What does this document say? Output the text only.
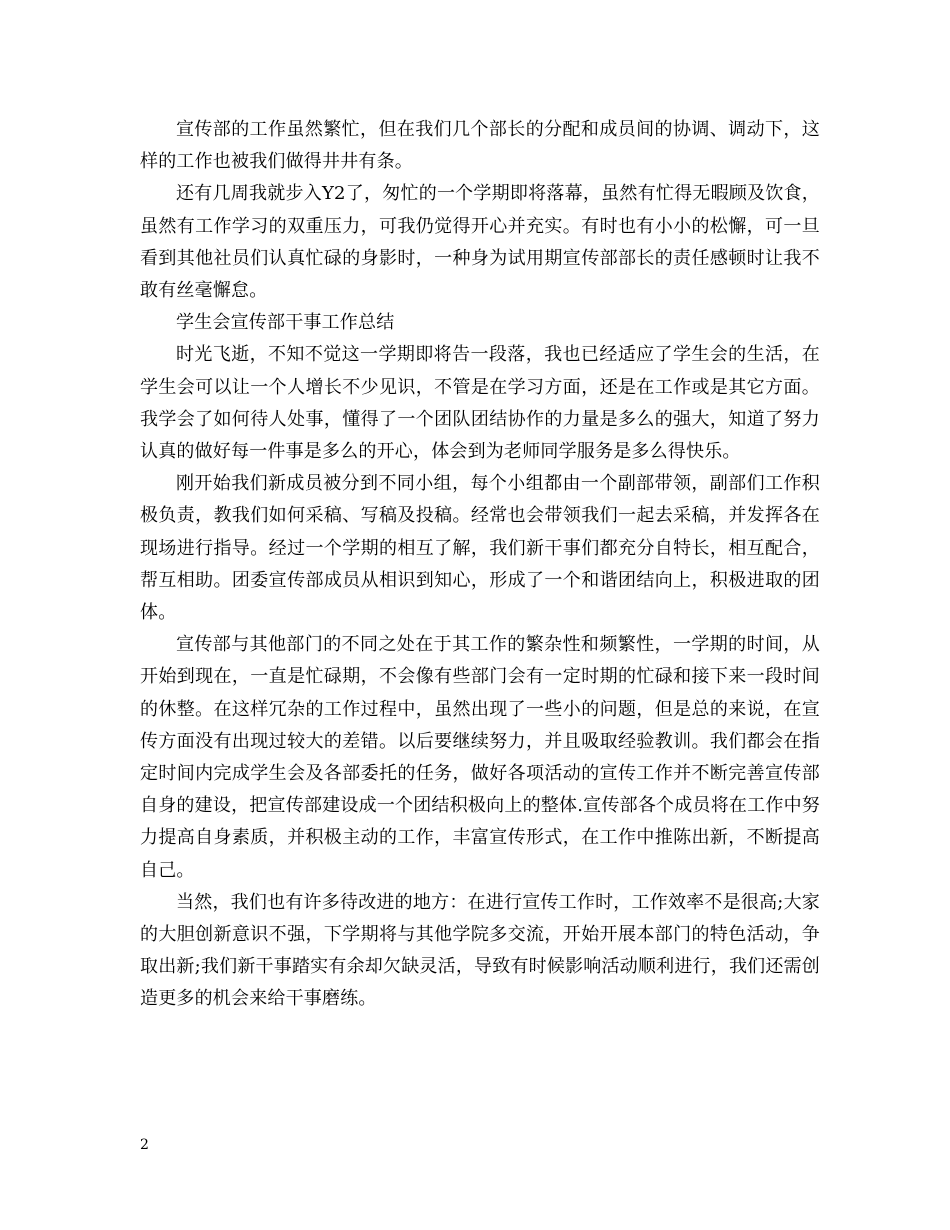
宣传部的工作虽然繁忙，但在我们几个部长的分配和成员间的协调、调动下，这样的工作也被我们做得井井有条。

还有几周我就步入Y2了，匆忙的一个学期即将落幕，虽然有忙得无暇顾及饮食，虽然有工作学习的双重压力，可我仍觉得开心并充实。有时也有小小的松懈，可一旦看到其他社员们认真忙碌的身影时，一种身为试用期宣传部部长的责任感顿时让我不敢有丝毫懈怠。

学生会宣传部干事工作总结

时光飞逝，不知不觉这一学期即将告一段落，我也已经适应了学生会的生活，在学生会可以让一个人增长不少见识，不管是在学习方面，还是在工作或是其它方面。我学会了如何待人处事，懂得了一个团队团结协作的力量是多么的强大，知道了努力认真的做好每一件事是多么的开心，体会到为老师同学服务是多么得快乐。

刚开始我们新成员被分到不同小组，每个小组都由一个副部带领，副部们工作积极负责，教我们如何采稿、写稿及投稿。经常也会带领我们一起去采稿，并发挥各在现场进行指导。经过一个学期的相互了解，我们新干事们都充分自特长，相互配合，帮互相助。团委宣传部成员从相识到知心，形成了一个和谐团结向上，积极进取的团体。

宣传部与其他部门的不同之处在于其工作的繁杂性和频繁性，一学期的时间，从开始到现在，一直是忙碌期，不会像有些部门会有一定时期的忙碌和接下来一段时间的休整。在这样冗杂的工作过程中，虽然出现了一些小的问题，但是总的来说，在宣传方面没有出现过较大的差错。以后要继续努力，并且吸取经验教训。我们都会在指定时间内完成学生会及各部委托的任务，做好各项活动的宣传工作并不断完善宣传部自身的建设，把宣传部建设成一个团结积极向上的整体.宣传部各个成员将在工作中努力提高自身素质，并积极主动的工作，丰富宣传形式，在工作中推陈出新，不断提高自己。

当然，我们也有许多待改进的地方：在进行宣传工作时，工作效率不是很高;大家的大胆创新意识不强，下学期将与其他学院多交流，开始开展本部门的特色活动，争取出新;我们新干事踏实有余却欠缺灵活，导致有时候影响活动顺利进行，我们还需创造更多的机会来给干事磨练。

2
